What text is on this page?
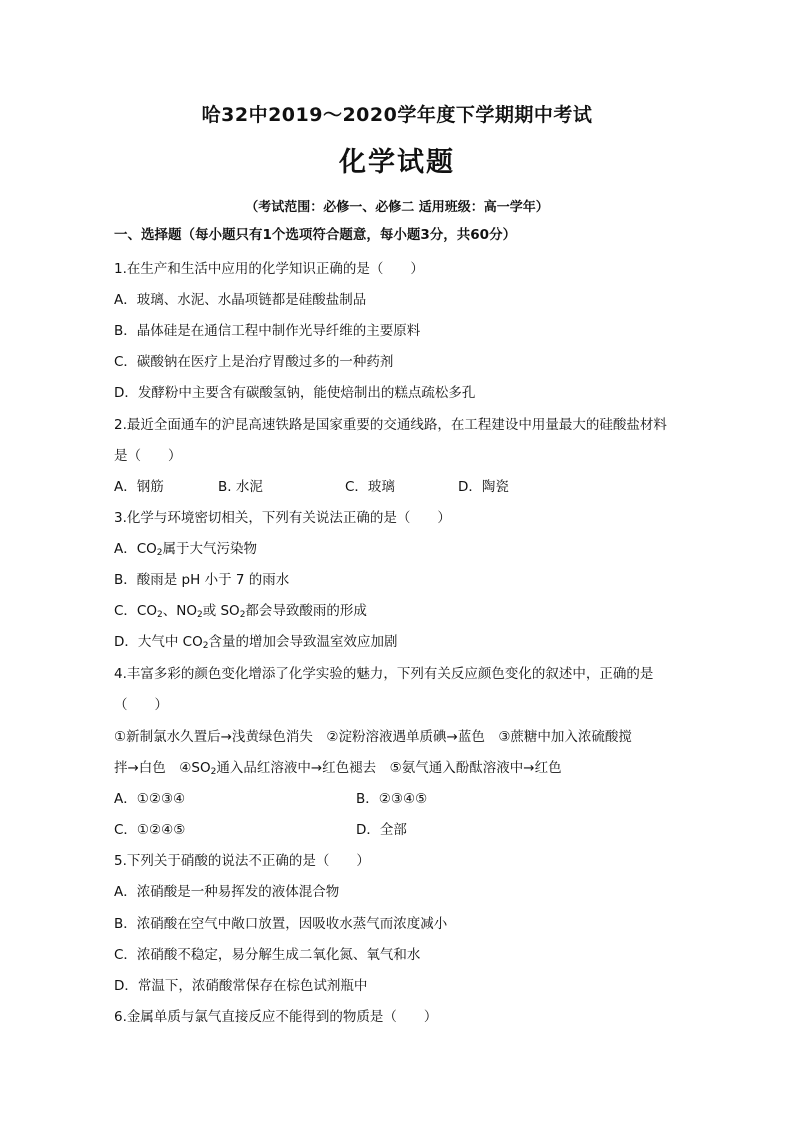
哈32中2019～2020学年度下学期期中考试
化学试题
（考试范围：必修一、必修二 适用班级：高一学年）
一、选择题（每小题只有1个选项符合题意，每小题3分，共60分）
1.在生产和生活中应用的化学知识正确的是（　　）
A．玻璃、水泥、水晶项链都是硅酸盐制品
B．晶体硅是在通信工程中制作光导纤维的主要原料
C．碳酸钠在医疗上是治疗胃酸过多的一种药剂
D．发酵粉中主要含有碳酸氢钠，能使焙制出的糕点疏松多孔
2.最近全面通车的沪昆高速铁路是国家重要的交通线路，在工程建设中用量最大的硅酸盐材料
是（　　）
A．钢筋	B. 水泥	C．玻璃	D．陶瓷
3.化学与环境密切相关，下列有关说法正确的是（　　）
A．$CO_2$属于大气污染物
B．酸雨是 pH 小于 7 的雨水
C．$CO_2$、$NO_2$或 $SO_2$都会导致酸雨的形成
D．大气中 $CO_2$含量的增加会导致温室效应加剧
4.丰富多彩的颜色变化增添了化学实验的魅力，下列有关反应颜色变化的叙述中，正确的是
（　　）
①新制氯水久置后→浅黄绿色消失　②淀粉溶液遇单质碘→蓝色　③蔗糖中加入浓硫酸搅
拌→白色　$④SO_2$通入品红溶液中→红色褪去　⑤氨气通入酚酞溶液中→红色
A．①②③④	B．②③④⑤
C．①②④⑤	D．全部
5.下列关于硝酸的说法不正确的是（　　）
A．浓硝酸是一种易挥发的液体混合物
B．浓硝酸在空气中敞口放置，因吸收水蒸气而浓度减小
C．浓硝酸不稳定，易分解生成二氧化氮、氧气和水
D．常温下，浓硝酸常保存在棕色试剂瓶中
6.金属单质与氯气直接反应不能得到的物质是（　　）
